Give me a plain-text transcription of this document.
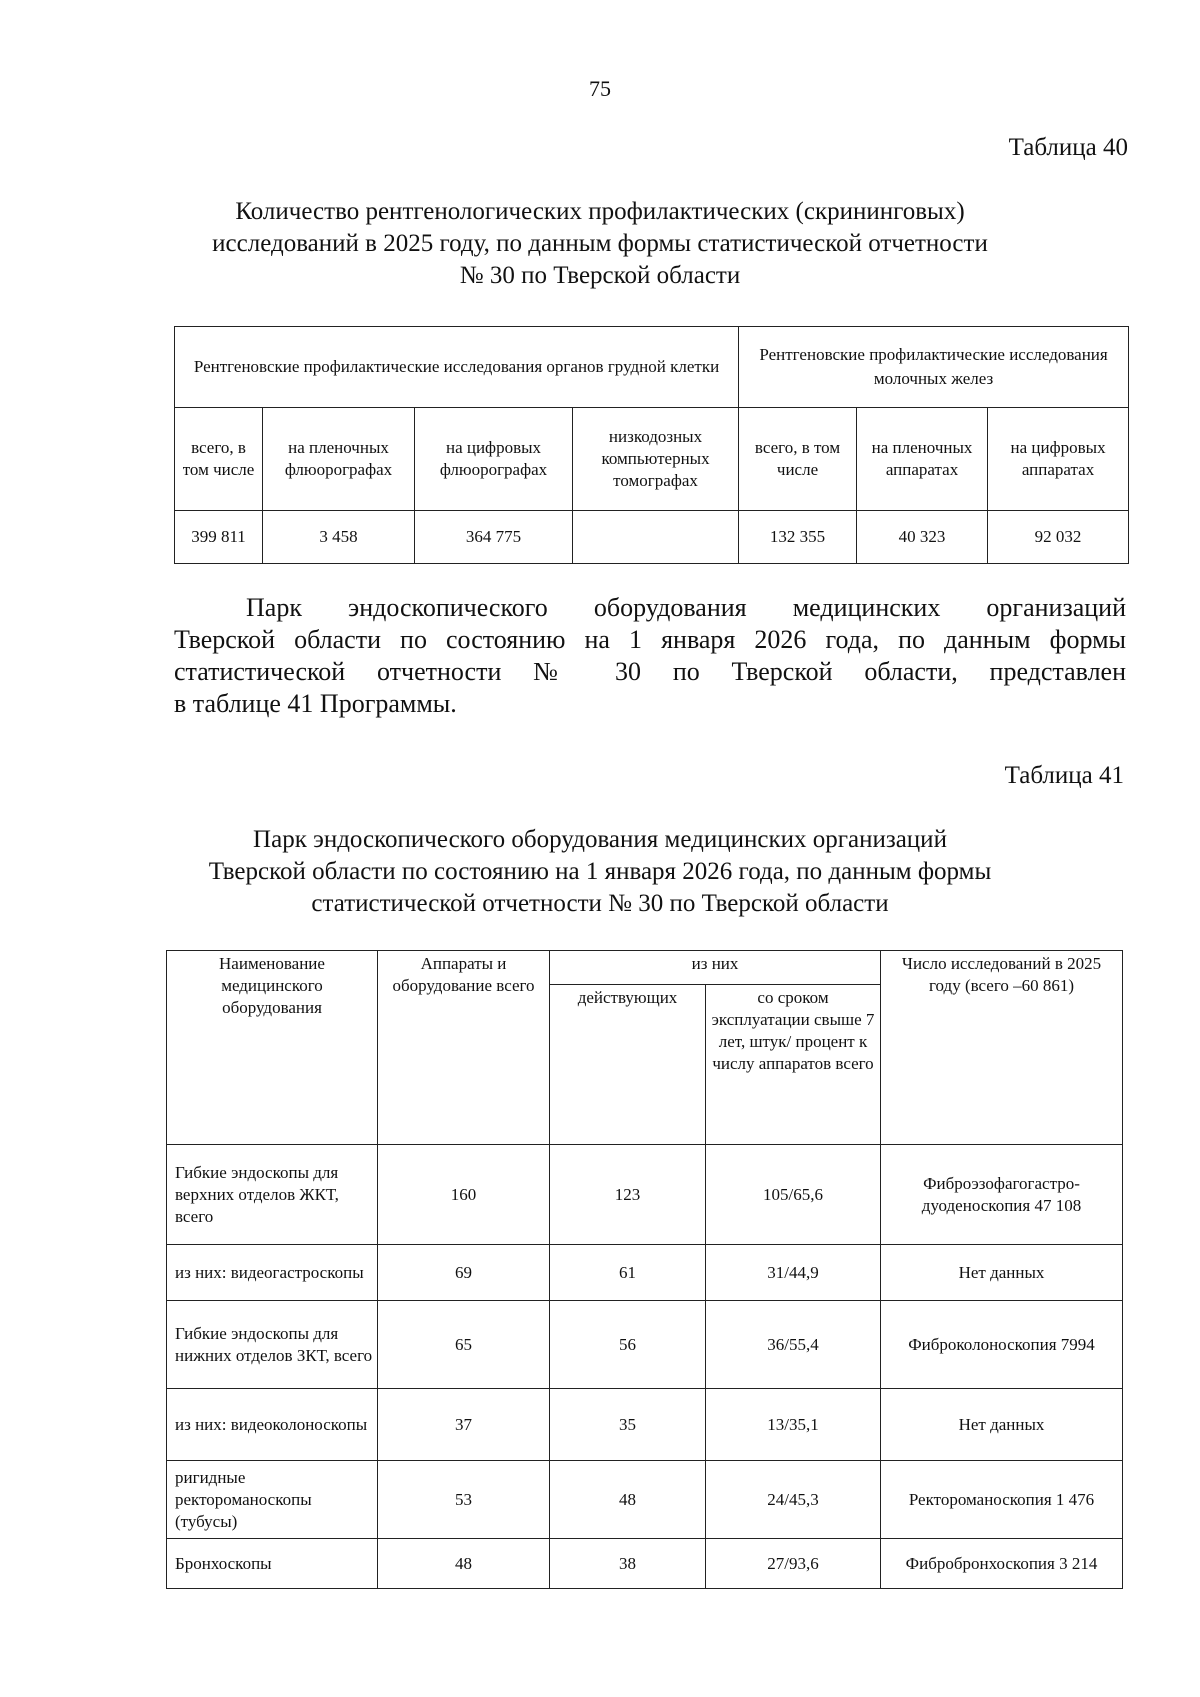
75
Таблица 40
Количество рентгенологических профилактических (скрининговых)
исследований в 2025 году, по данным формы статистической отчетности
№ 30 по Тверской области
Рентгеновские профилактические исследования органов грудной клетки				Рентгеновские профилактические исследования молочных желез		
всего, в том числе	на пленочных флюорографах	на цифровых флюорографах	низкодозных компьютерных томографах	всего, в том числе	на пленочных аппаратах	на цифровых аппаратах
399 811	3 458	364 775		132 355	40 323	92 032
Парк эндоскопического оборудования медицинских организаций
Тверской области по состоянию на 1 января 2026 года, по данным формы
статистической отчетности № 30 по Тверской области, представлен
в таблице 41 Программы.
Таблица 41
Парк эндоскопического оборудования медицинских организаций
Тверской области по состоянию на 1 января 2026 года, по данным формы
статистической отчетности № 30 по Тверской области
Наименование медицинского оборудования	Аппараты и оборудование всего	из них		Число исследований в 2025 году (всего –60 861)
		действующих	со сроком эксплуатации свыше 7 лет, штук/ процент к числу аппаратов всего	
Гибкие эндоскопы для верхних отделов ЖКТ, всего	160	123	105/65,6	Фиброэзофагогастро-дуоденоскопия 47 108
из них: видеогастроскопы	69	61	31/44,9	Нет данных
Гибкие эндоскопы для нижних отделов ЗКТ, всего	65	56	36/55,4	Фиброколоноскопия 7994
из них: видеоколоноскопы	37	35	13/35,1	Нет данных
ригидные ректороманоскопы (тубусы)	53	48	24/45,3	Ректороманоскопия 1 476
Бронхоскопы	48	38	27/93,6	Фибробронхоскопия 3 214
